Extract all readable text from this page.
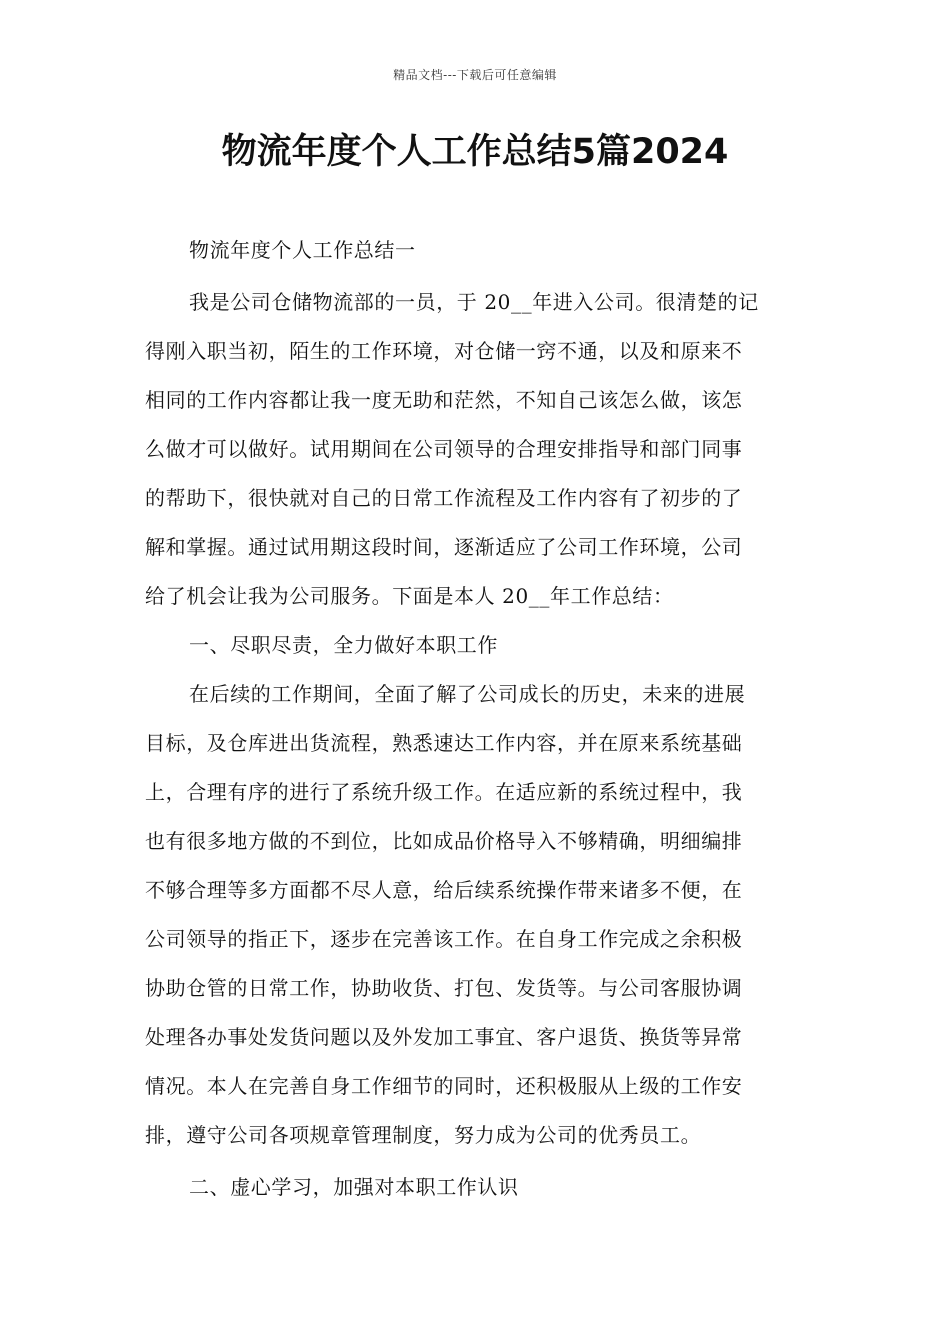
精品文档---下载后可任意编辑
物流年度个人工作总结5篇2024

物流年度个人工作总结一

我是公司仓储物流部的一员，于 20__年进入公司。很清楚的记
得刚入职当初，陌生的工作环境，对仓储一窍不通，以及和原来不
相同的工作内容都让我一度无助和茫然，不知自己该怎么做，该怎
么做才可以做好。试用期间在公司领导的合理安排指导和部门同事
的帮助下，很快就对自己的日常工作流程及工作内容有了初步的了
解和掌握。通过试用期这段时间，逐渐适应了公司工作环境，公司
给了机会让我为公司服务。下面是本人 20__年工作总结：

一、尽职尽责，全力做好本职工作

在后续的工作期间，全面了解了公司成长的历史，未来的进展
目标，及仓库进出货流程，熟悉速达工作内容，并在原来系统基础
上，合理有序的进行了系统升级工作。在适应新的系统过程中，我
也有很多地方做的不到位，比如成品价格导入不够精确，明细编排
不够合理等多方面都不尽人意，给后续系统操作带来诸多不便，在
公司领导的指正下，逐步在完善该工作。在自身工作完成之余积极
协助仓管的日常工作，协助收货、打包、发货等。与公司客服协调
处理各办事处发货问题以及外发加工事宜、客户退货、换货等异常
情况。本人在完善自身工作细节的同时，还积极服从上级的工作安
排，遵守公司各项规章管理制度，努力成为公司的优秀员工。

二、虚心学习，加强对本职工作认识
